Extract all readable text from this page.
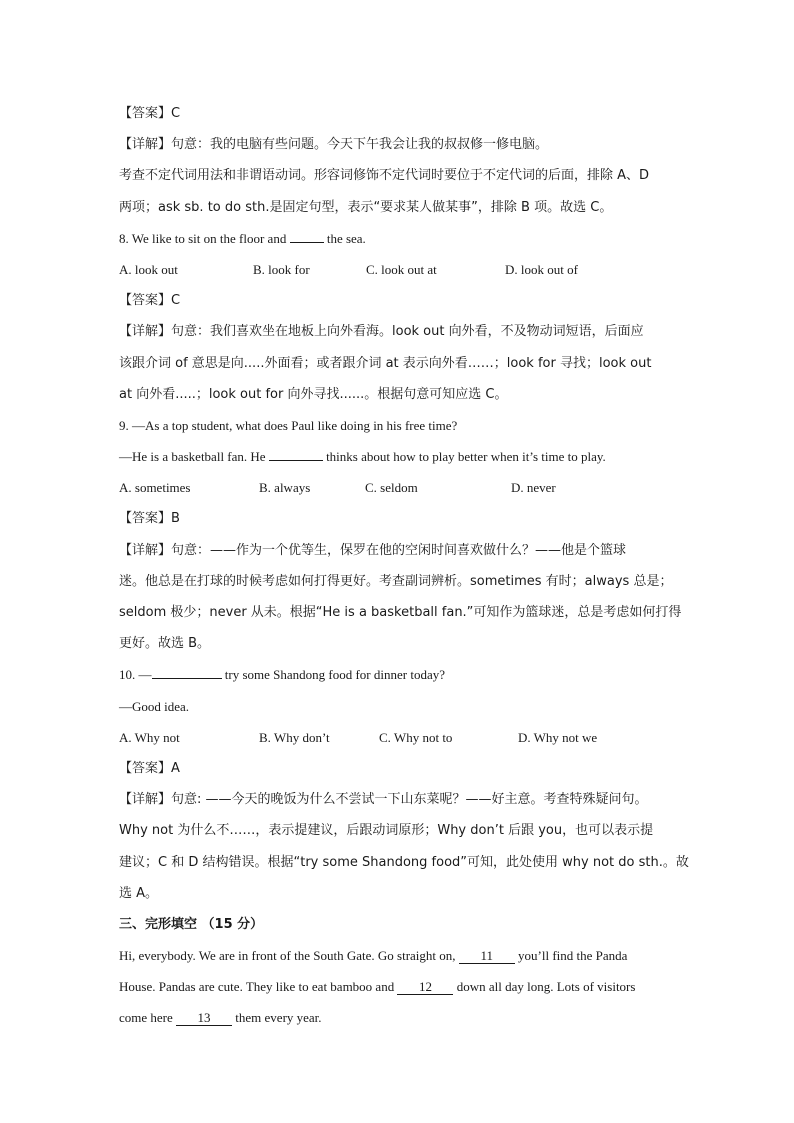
【答案】C
【详解】句意：我的电脑有些问题。今天下午我会让我的叔叔修一修电脑。
考查不定代词用法和非谓语动词。形容词修饰不定代词时要位于不定代词的后面，排除 A、D
两项；ask sb. to do sth.是固定句型，表示“要求某人做某事”，排除 B 项。故选 C。
8. We like to sit on the floor and	the sea.
A. look out	B. look for	C. look out at	D. look out of
【答案】C
【详解】句意：我们喜欢坐在地板上向外看海。look out 向外看，不及物动词短语，后面应
该跟介词 of 意思是向.....外面看；或者跟介词 at 表示向外看……；look for 寻找；look out
at 向外看.....；look out for 向外寻找......。根据句意可知应选 C。
9. —As a top student, what does Paul like doing in his free time?
—He is a basketball fan. He	thinks about how to play better when it’s time to play.
A. sometimes	B. always	C. seldom	D. never
【答案】B
【详解】句意：——作为一个优等生，保罗在他的空闲时间喜欢做什么？——他是个篮球
迷。他总是在打球的时候考虑如何打得更好。考查副词辨析。sometimes 有时；always 总是；
seldom 极少；never 从未。根据“He is a basketball fan.”可知作为篮球迷，总是考虑如何打得
更好。故选 B。
10. —	try some Shandong food for dinner today?
—Good idea.
A. Why not	B. Why don’t	C. Why not to	D. Why not we
【答案】A
【详解】句意: ——今天的晚饭为什么不尝试一下山东菜呢？——好主意。考查特殊疑问句。
Why not 为什么不……，表示提建议，后跟动词原形；Why don’t 后跟 you，也可以表示提
建议；C 和 D 结构错误。根据“try some Shandong food”可知，此处使用 why not do sth.。故
选 A。
三、完形填空 （15 分）
Hi, everybody. We are in front of the South Gate. Go straight on, 11 you’ll find the Panda
House. Pandas are cute. They like to eat bamboo and 12 down all day long. Lots of visitors
come here 13 them every year.
